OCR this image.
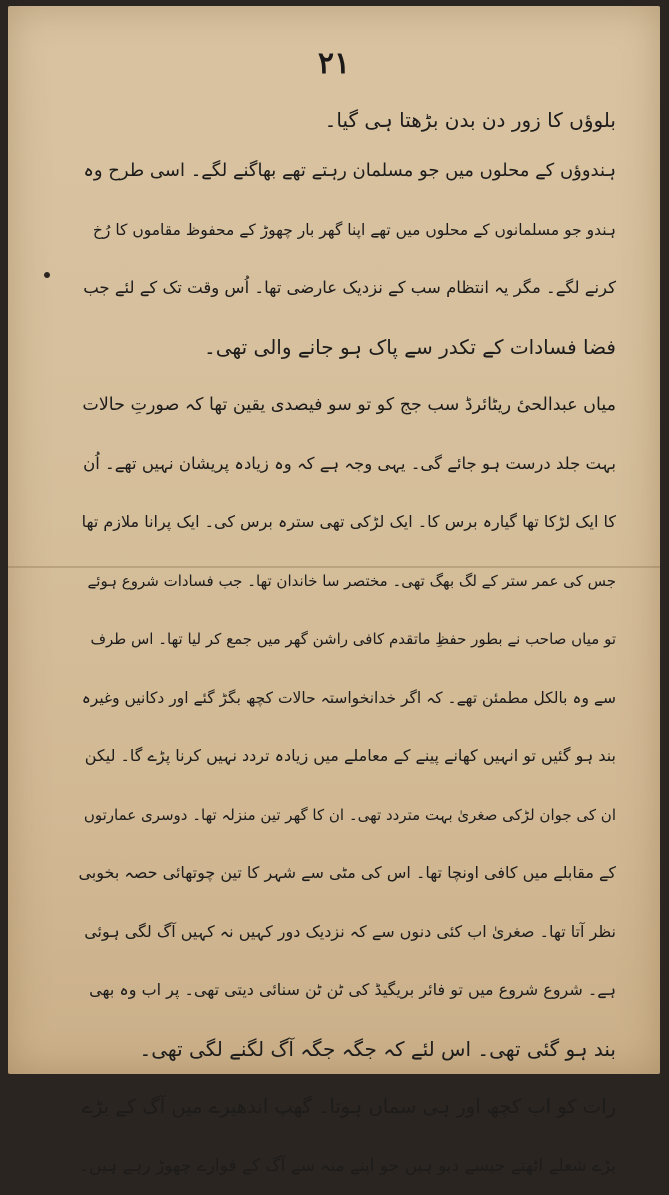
۲۱
بلوؤں کا زور دن بدن بڑھتا ہی گیا۔
ہندوؤں کے محلوں میں جو مسلمان رہتے تھے بھاگنے لگے۔ اسی طرح وہ
ہندو جو مسلمانوں کے محلوں میں تھے اپنا گھر بار چھوڑ کے محفوظ مقاموں کا رُخ
کرنے لگے۔ مگر یہ انتظام سب کے نزدیک عارضی تھا۔ اُس وقت تک کے لئے جب
فضا فسادات کے تکدر سے پاک ہو جانے والی تھی۔
میاں عبدالحیٔ ریٹائرڈ سب جج کو تو سو فیصدی یقین تھا کہ صورتِ حالات
بہت جلد درست ہو جائے گی۔ یہی وجہ ہے کہ وہ زیادہ پریشان نہیں تھے۔ اُن
کا ایک لڑکا تھا گیارہ برس کا۔ ایک لڑکی تھی سترہ برس کی۔ ایک پرانا ملازم تھا
جس کی عمر ستر کے لگ بھگ تھی۔ مختصر سا خاندان تھا۔ جب فسادات شروع ہوئے
تو میاں صاحب نے بطور حفظِ ماتقدم کافی راشن گھر میں جمع کر لیا تھا۔ اس طرف
سے وہ بالکل مطمئن تھے۔ کہ اگر خدانخواستہ حالات کچھ بگڑ گئے اور دکانیں وغیرہ
بند ہو گئیں تو انہیں کھانے پینے کے معاملے میں زیادہ تردد نہیں کرنا پڑے گا۔ لیکن
ان کی جوان لڑکی صغریٰ بہت متردد تھی۔ ان کا گھر تین منزلہ تھا۔ دوسری عمارتوں
کے مقابلے میں کافی اونچا تھا۔ اس کی مٹی سے شہر کا تین چوتھائی حصہ بخوبی
نظر آتا تھا۔ صغریٰ اب کئی دنوں سے کہ نزدیک دور کہیں نہ کہیں آگ لگی ہوئی
ہے۔ شروع شروع میں تو فائر بریگیڈ کی ٹن ٹن سنائی دیتی تھی۔ پر اب وہ بھی
بند ہو گئی تھی۔ اس لئے کہ جگہ جگہ آگ لگنے لگی تھی۔
رات کو اب کچھ اور ہی سماں ہوتا۔ گھپ اندھیرے میں آگ کے بڑے
بڑے شعلے اٹھتے جیسے دیو ہیں جو اپنے منہ سے آگ کے فوارے چھوڑ رہے ہیں۔
